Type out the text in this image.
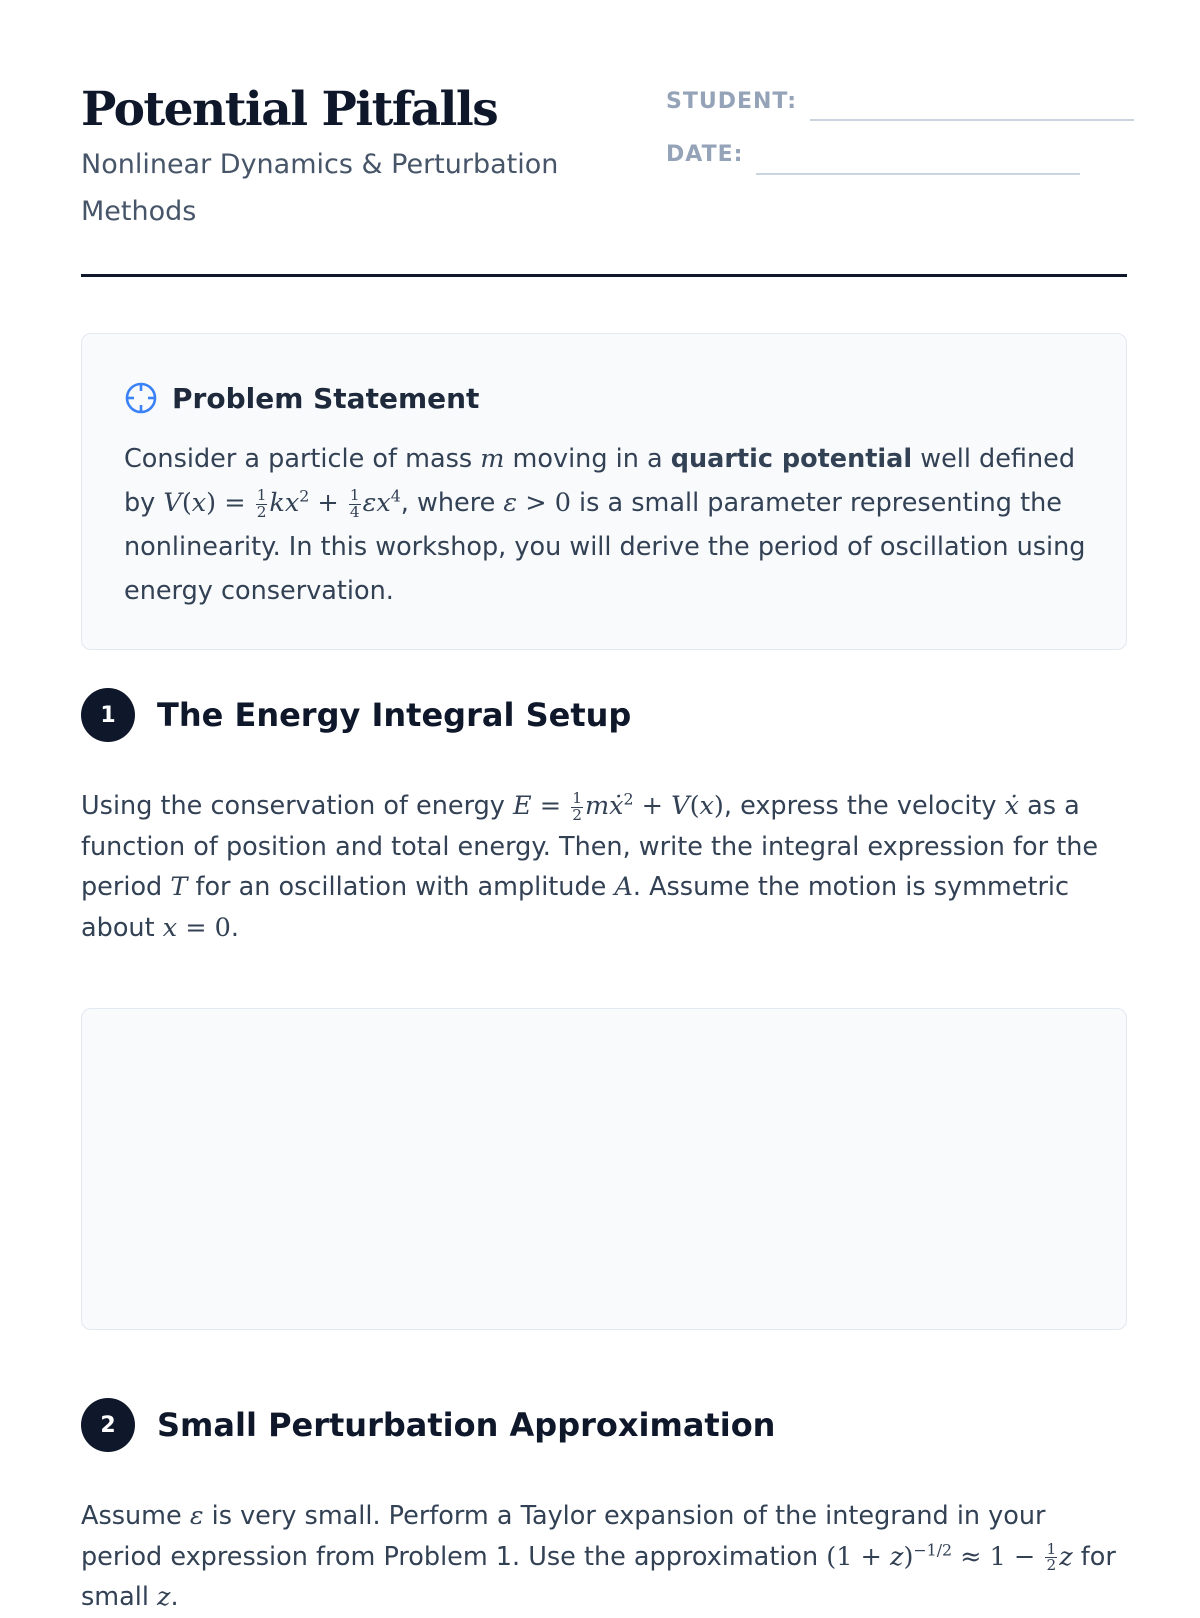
Potential Pitfalls

Nonlinear Dynamics & Perturbation Methods

STUDENT:
DATE:
Problem Statement

Consider a particle of mass m moving in a quartic potential well defined by $V(x) = \frac{1}{2} kx^2 + \frac{1}{4} \varepsilon x^4$, where ε > 0 is a small parameter representing the nonlinearity. In this workshop, you will derive the period of oscillation using energy conservation.

1	The Energy Integral Setup

Using the conservation of energy $E = \frac{1}{2}$ mẋ$^2$ + V(x), express the velocity ẋ as a function of position and total energy. Then, write the integral expression for the period T for an oscillation with amplitude A. Assume the motion is symmetric about x = 0.

2	Small Perturbation Approximation

Assume ε is very small. Perform a Taylor expansion of the integrand in your period expression from Problem 1. Use the approximation $(1 + z)^{-1/2} \approx 1 - \frac{1}{2}$ z for small z.
